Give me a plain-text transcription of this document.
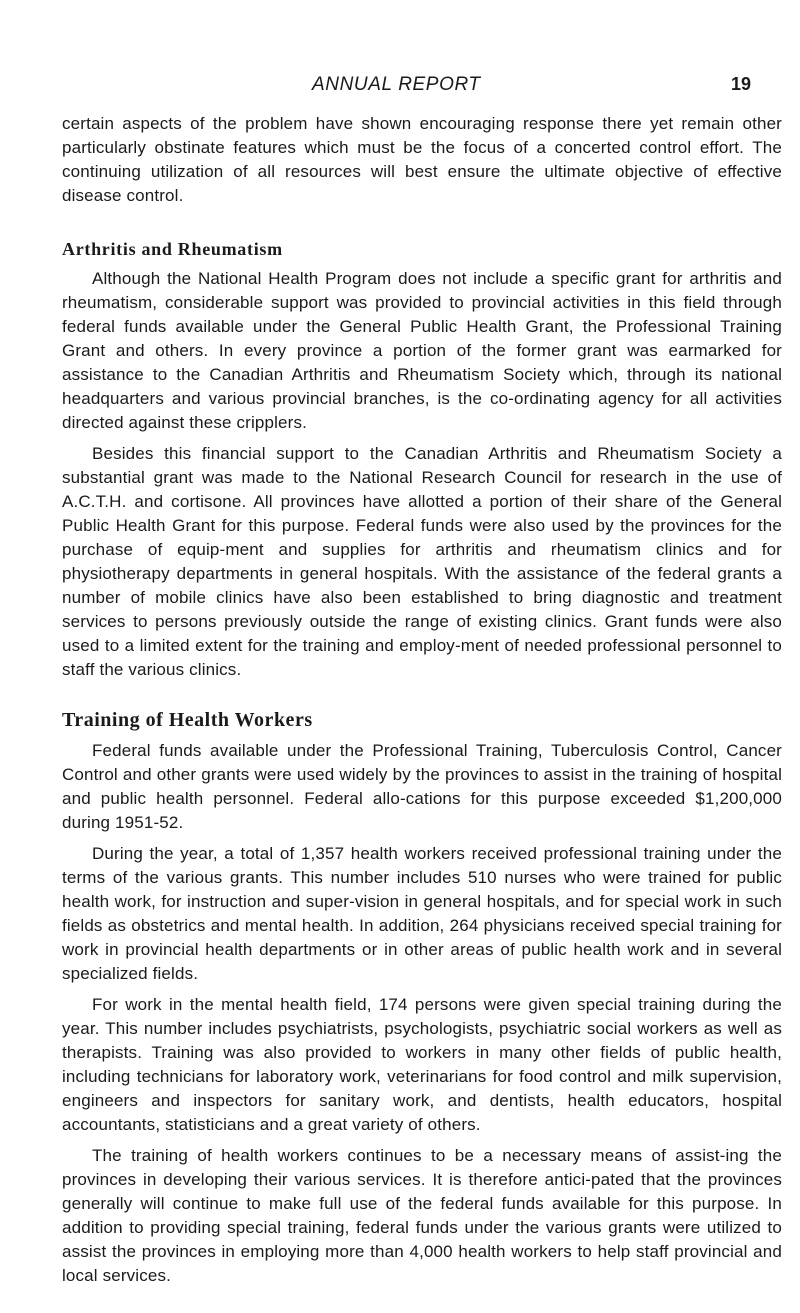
ANNUAL REPORT	19

certain aspects of the problem have shown encouraging response there yet remain other particularly obstinate features which must be the focus of a concerted control effort. The continuing utilization of all resources will best ensure the ultimate objective of effective disease control.

Arthritis and Rheumatism

Although the National Health Program does not include a specific grant for arthritis and rheumatism, considerable support was provided to provincial activities in this field through federal funds available under the General Public Health Grant, the Professional Training Grant and others. In every province a portion of the former grant was earmarked for assistance to the Canadian Arthritis and Rheumatism Society which, through its national headquarters and various provincial branches, is the co-ordinating agency for all activities directed against these cripplers.

Besides this financial support to the Canadian Arthritis and Rheumatism Society a substantial grant was made to the National Research Council for research in the use of A.C.T.H. and cortisone. All provinces have allotted a portion of their share of the General Public Health Grant for this purpose. Federal funds were also used by the provinces for the purchase of equip-ment and supplies for arthritis and rheumatism clinics and for physiotherapy departments in general hospitals. With the assistance of the federal grants a number of mobile clinics have also been established to bring diagnostic and treatment services to persons previously outside the range of existing clinics. Grant funds were also used to a limited extent for the training and employ-ment of needed professional personnel to staff the various clinics.

Training of Health Workers

Federal funds available under the Professional Training, Tuberculosis Control, Cancer Control and other grants were used widely by the provinces to assist in the training of hospital and public health personnel. Federal allo-cations for this purpose exceeded $1,200,000 during 1951-52.

During the year, a total of 1,357 health workers received professional training under the terms of the various grants. This number includes 510 nurses who were trained for public health work, for instruction and super-vision in general hospitals, and for special work in such fields as obstetrics and mental health. In addition, 264 physicians received special training for work in provincial health departments or in other areas of public health work and in several specialized fields.

For work in the mental health field, 174 persons were given special training during the year. This number includes psychiatrists, psychologists, psychiatric social workers as well as therapists. Training was also provided to workers in many other fields of public health, including technicians for laboratory work, veterinarians for food control and milk supervision, engineers and inspectors for sanitary work, and dentists, health educators, hospital accountants, statisticians and a great variety of others.

The training of health workers continues to be a necessary means of assist-ing the provinces in developing their various services. It is therefore antici-pated that the provinces generally will continue to make full use of the federal funds available for this purpose. In addition to providing special training, federal funds under the various grants were utilized to assist the provinces in employing more than 4,000 health workers to help staff provincial and local services.
